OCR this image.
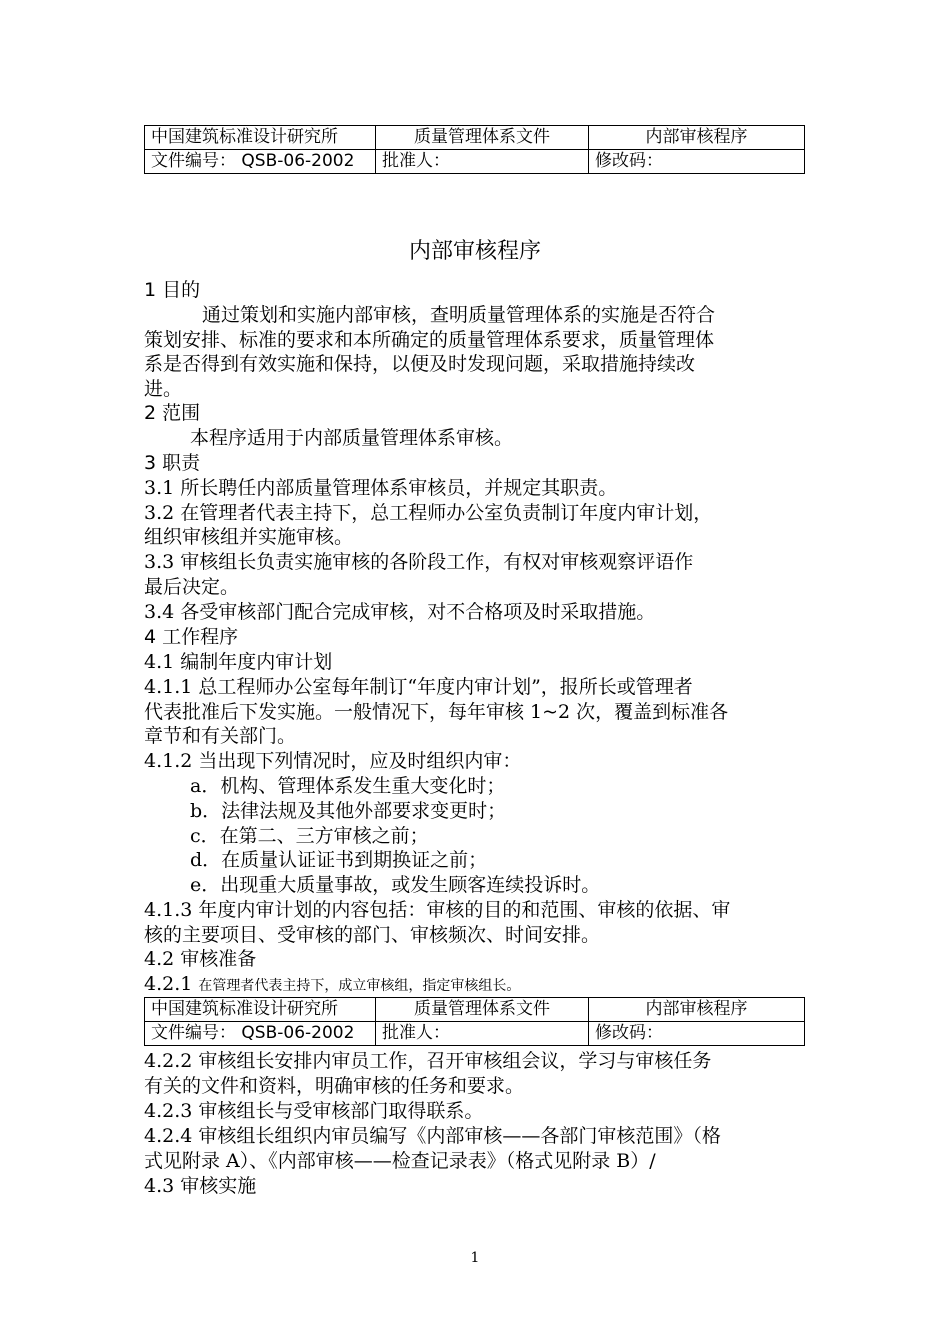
中国建筑标准设计研究所	质量管理体系文件	内部审核程序
文件编号： QSB-06-2002	批准人：	修改码：
内部审核程序
1 目的
通过策划和实施内部审核，查明质量管理体系的实施是否符合
策划安排、标准的要求和本所确定的质量管理体系要求，质量管理体
系是否得到有效实施和保持，以便及时发现问题，采取措施持续改
进。
2 范围
本程序适用于内部质量管理体系审核。
3 职责
3.1 所长聘任内部质量管理体系审核员，并规定其职责。
3.2 在管理者代表主持下，总工程师办公室负责制订年度内审计划，
组织审核组并实施审核。
3.3 审核组长负责实施审核的各阶段工作，有权对审核观察评语作
最后决定。
3.4 各受审核部门配合完成审核，对不合格项及时采取措施。
4 工作程序
4.1 编制年度内审计划
4.1.1 总工程师办公室每年制订“年度内审计划”，报所长或管理者
代表批准后下发实施。一般情况下，每年审核 1~2 次，覆盖到标准各
章节和有关部门。
4.1.2 当出现下列情况时，应及时组织内审：
a．机构、管理体系发生重大变化时；
b．法律法规及其他外部要求变更时；
c．在第二、三方审核之前；
d．在质量认证证书到期换证之前；
e．出现重大质量事故，或发生顾客连续投诉时。
4.1.3 年度内审计划的内容包括：审核的目的和范围、审核的依据、审
核的主要项目、受审核的部门、审核频次、时间安排。
4.2 审核准备
4.2.1 在管理者代表主持下，成立审核组，指定审核组长。
中国建筑标准设计研究所	质量管理体系文件	内部审核程序
文件编号： QSB-06-2002	批准人：	修改码：
4.2.2 审核组长安排内审员工作，召开审核组会议，学习与审核任务
有关的文件和资料，明确审核的任务和要求。
4.2.3 审核组长与受审核部门取得联系。
4.2.4 审核组长组织内审员编写《内部审核——各部门审核范围》（格
式见附录 A）、《内部审核——检查记录表》（格式见附录 B）/
4.3 审核实施
1
